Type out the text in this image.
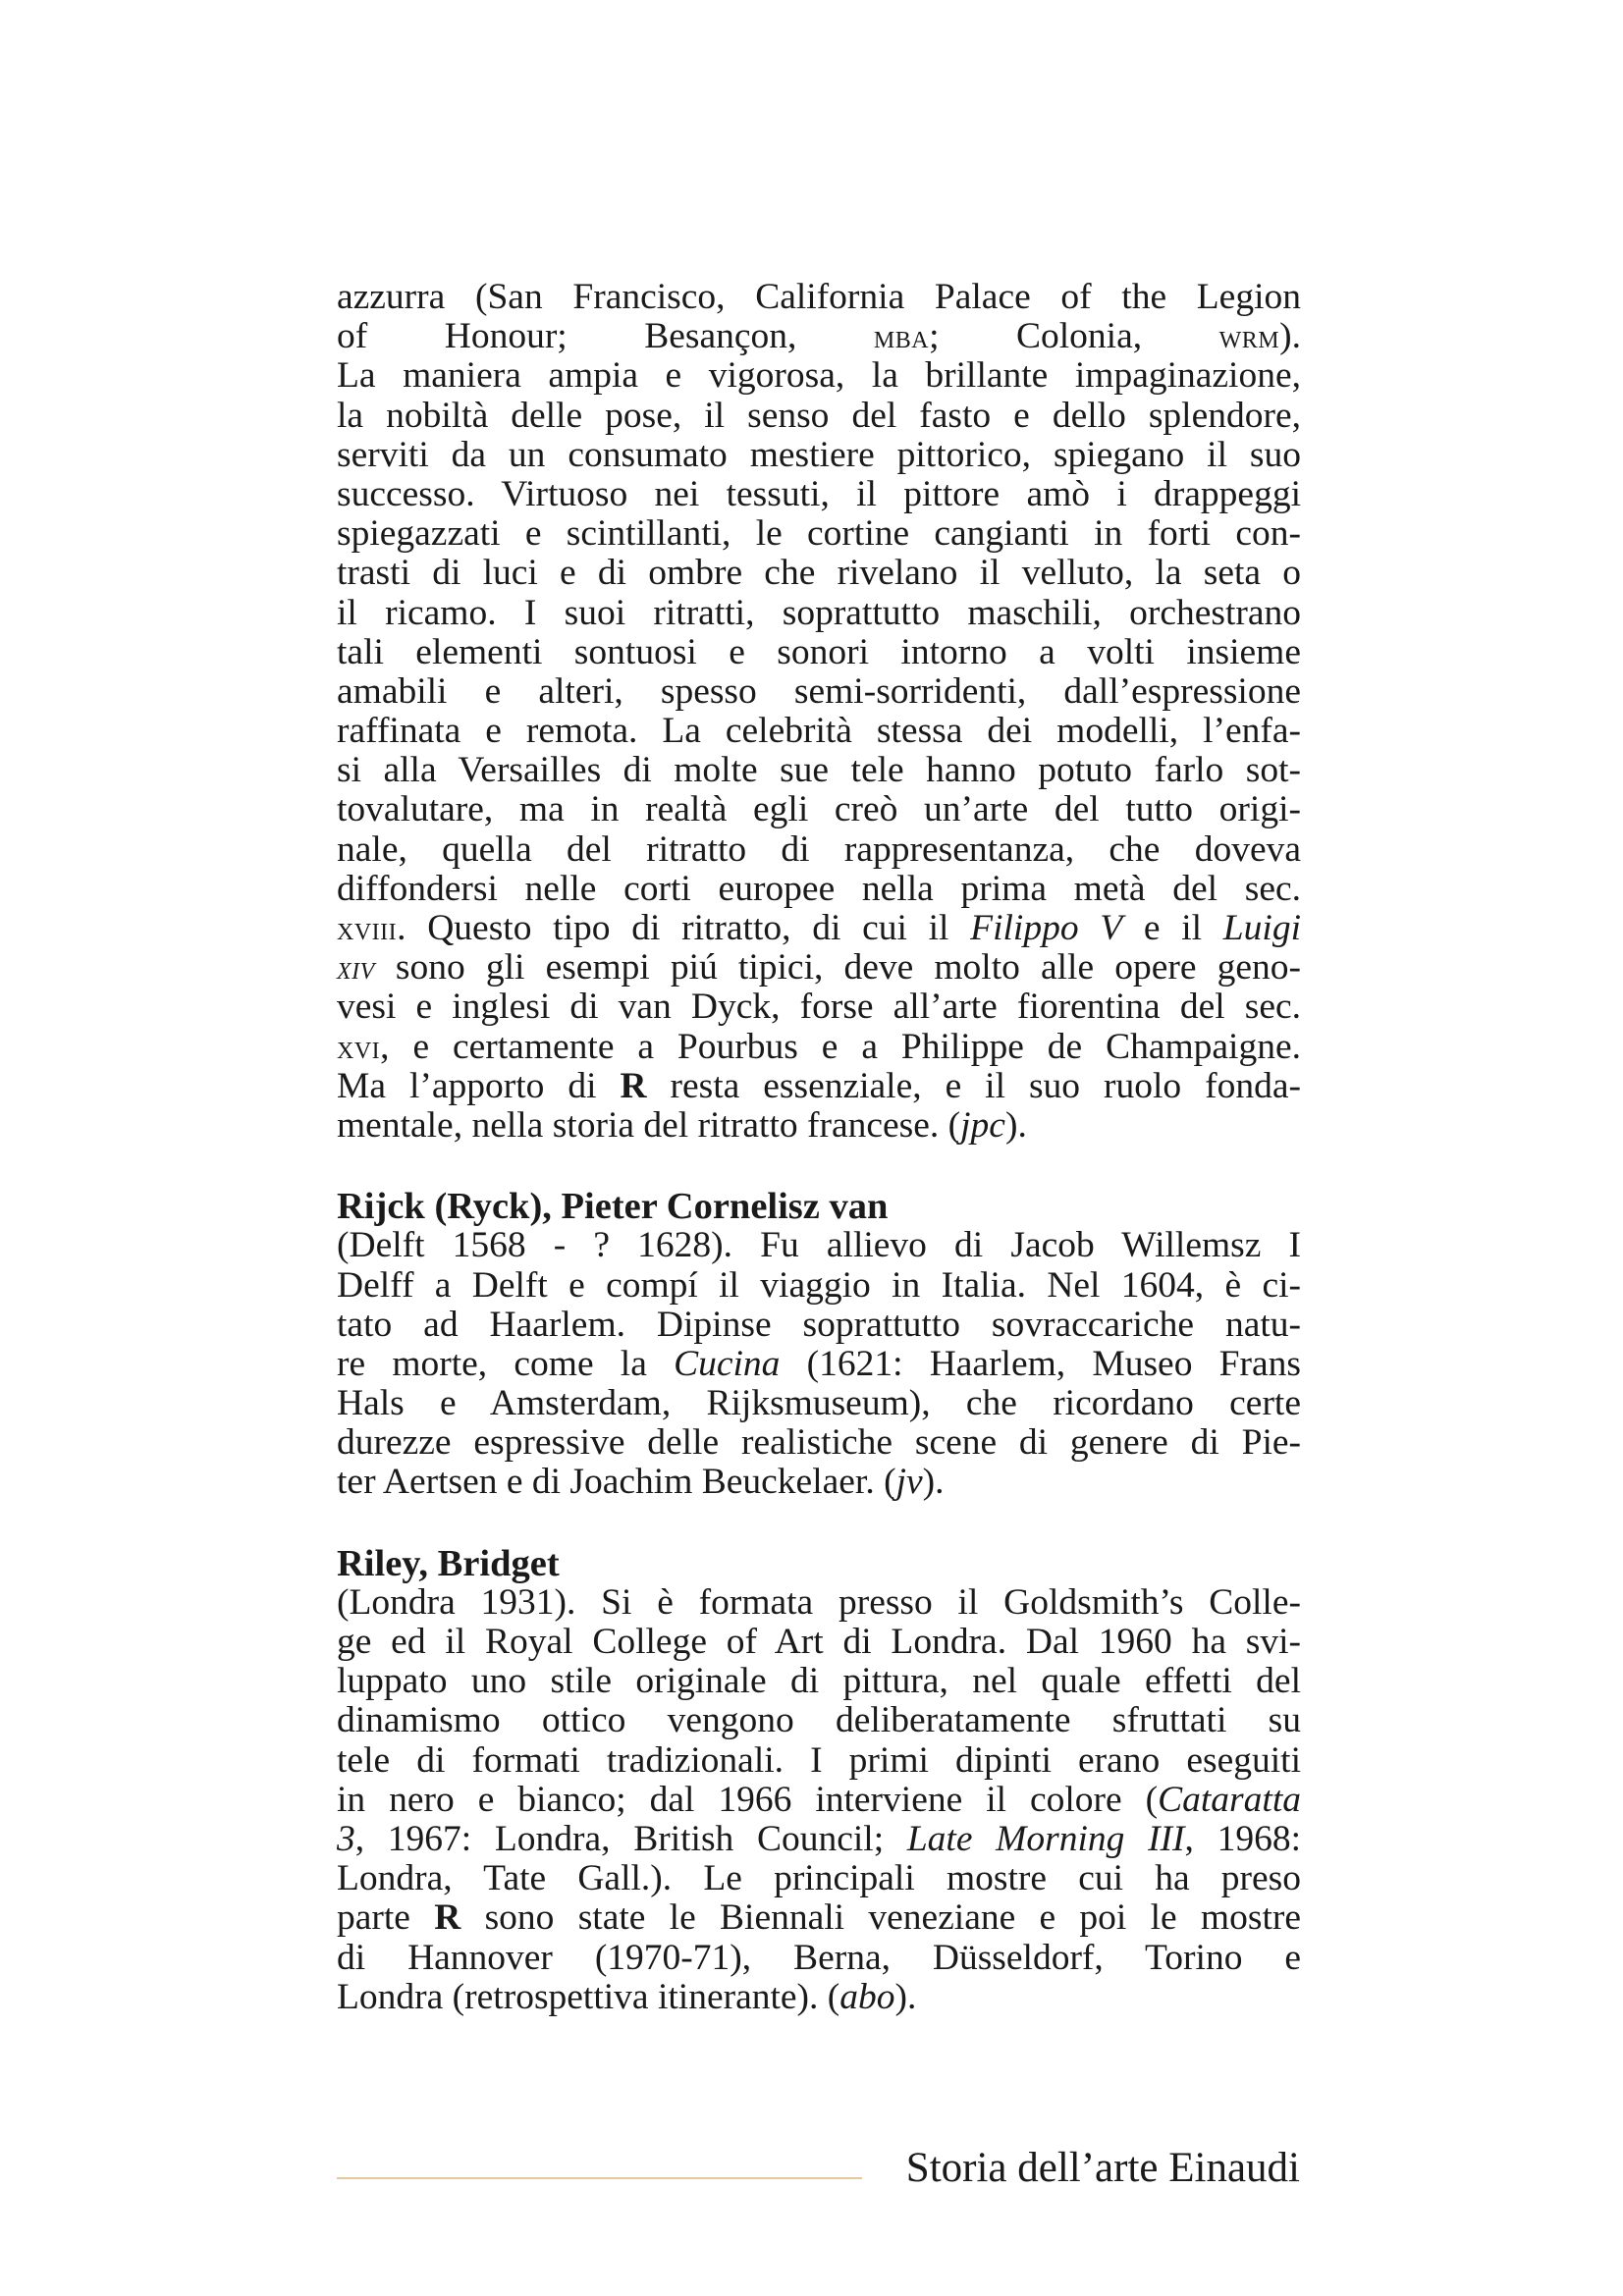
azzurra (San Francisco, California Palace of the Legion
of Honour; Besançon, mba; Colonia, wrm).
La maniera ampia e vigorosa, la brillante impaginazione,
la nobiltà delle pose, il senso del fasto e dello splendore,
serviti da un consumato mestiere pittorico, spiegano il suo
successo. Virtuoso nei tessuti, il pittore amò i drappeggi
spiegazzati e scintillanti, le cortine cangianti in forti con-
trasti di luci e di ombre che rivelano il velluto, la seta o
il ricamo. I suoi ritratti, soprattutto maschili, orchestrano
tali elementi sontuosi e sonori intorno a volti insieme
amabili e alteri, spesso semi-sorridenti, dall’espressione
raffinata e remota. La celebrità stessa dei modelli, l’enfa-
si alla Versailles di molte sue tele hanno potuto farlo sot-
tovalutare, ma in realtà egli creò un’arte del tutto origi-
nale, quella del ritratto di rappresentanza, che doveva
diffondersi nelle corti europee nella prima metà del sec.
xviii. Questo tipo di ritratto, di cui il Filippo V e il Luigi
xiv sono gli esempi piú tipici, deve molto alle opere geno-
vesi e inglesi di van Dyck, forse all’arte fiorentina del sec.
xvi, e certamente a Pourbus e a Philippe de Champaigne.
Ma l’apporto di R resta essenziale, e il suo ruolo fonda-
mentale, nella storia del ritratto francese. (jpc).
Rijck (Ryck), Pieter Cornelisz van
(Delft 1568 - ? 1628). Fu allievo di Jacob Willemsz I
Delff a Delft e compí il viaggio in Italia. Nel 1604, è ci-
tato ad Haarlem. Dipinse soprattutto sovraccariche natu-
re morte, come la Cucina (1621: Haarlem, Museo Frans
Hals e Amsterdam, Rijksmuseum), che ricordano certe
durezze espressive delle realistiche scene di genere di Pie-
ter Aertsen e di Joachim Beuckelaer. (jv).
Riley, Bridget
(Londra 1931). Si è formata presso il Goldsmith’s Colle-
ge ed il Royal College of Art di Londra. Dal 1960 ha svi-
luppato uno stile originale di pittura, nel quale effetti del
dinamismo ottico vengono deliberatamente sfruttati su
tele di formati tradizionali. I primi dipinti erano eseguiti
in nero e bianco; dal 1966 interviene il colore (Cataratta
3, 1967: Londra, British Council; Late Morning III, 1968:
Londra, Tate Gall.). Le principali mostre cui ha preso
parte R sono state le Biennali veneziane e poi le mostre
di Hannover (1970-71), Berna, Düsseldorf, Torino e
Londra (retrospettiva itinerante). (abo).
Storia dell’arte Einaudi
